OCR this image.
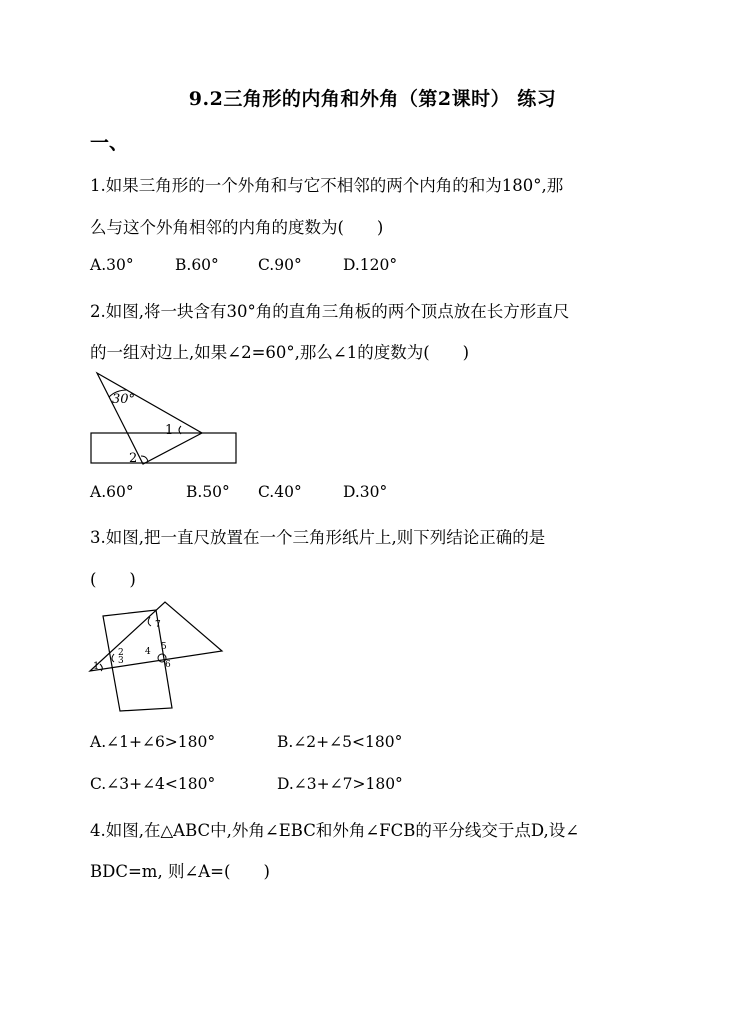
9.2三角形的内角和外角（第2课时） 练习
一、
1.如果三角形的一个外角和与它不相邻的两个内角的和为180°,那
么与这个外角相邻的内角的度数为(　　)
A.30°	B.60°	C.90°	D.120°
2.如图,将一块含有30°角的直角三角板的两个顶点放在长方形直尺
的一组对边上,如果∠2=60°,那么∠1的度数为(　　)
30°
1
2
A.60°	B.50° C.40°	D.30°
3.如图,把一直尺放置在一个三角形纸片上,则下列结论正确的是
(　　)
1
2
3
4 5
6
7
A.∠1+∠6>180°	B.∠2+∠5<180°
C.∠3+∠4<180°	D.∠3+∠7>180°
4.如图,在△ABC中,外角∠EBC和外角∠FCB的平分线交于点D,设∠
BDC=m, 则∠A=(　　)
